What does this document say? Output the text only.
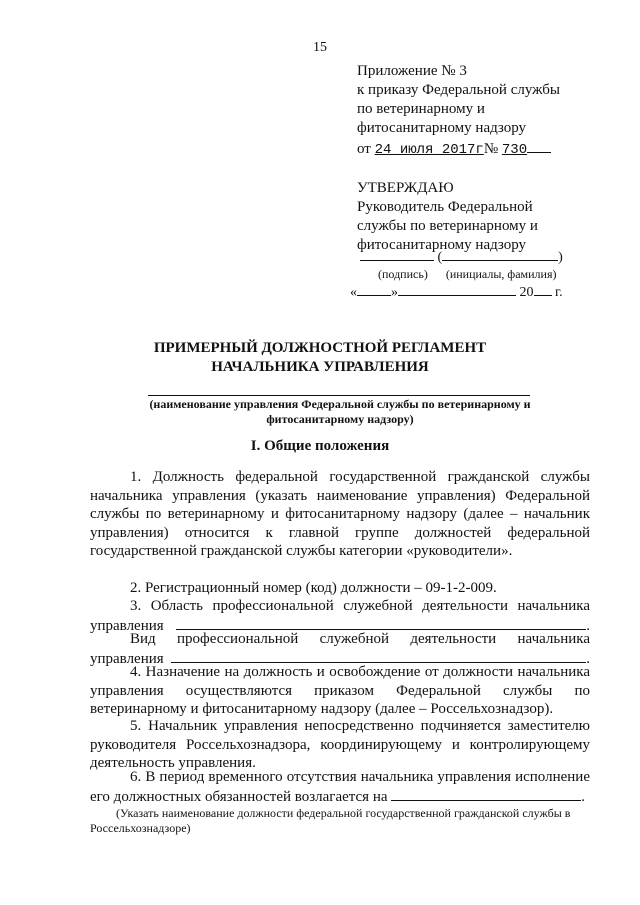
15
Приложение № 3
к приказу Федеральной службы
по ветеринарному и
фитосанитарному надзору
от 24 июля 2017г№ 730
УТВЕРЖДАЮ
Руководитель Федеральной
службы по ветеринарному и
фитосанитарному надзору
(	)
(подпись) (инициалы, фамилия)
« »	20 г.
ПРИМЕРНЫЙ ДОЛЖНОСТНОЙ РЕГЛАМЕНТ
НАЧАЛЬНИКА УПРАВЛЕНИЯ
(наименование управления Федеральной службы по ветеринарному и
фитосанитарному надзору)
I. Общие положения
1. Должность федеральной государственной гражданской службы начальника управления (указать наименование управления) Федеральной службы по ветеринарному и фитосанитарному надзору (далее – начальник управления) относится к главной группе должностей федеральной государственной гражданской службы категории «руководители».
2. Регистрационный номер (код) должности – 09-1-2-009.
3. Область профессиональной служебной деятельности начальника управления	.
Вид профессиональной служебной деятельности начальника управления	.
4. Назначение на должность и освобождение от должности начальника управления осуществляются приказом Федеральной службы по ветеринарному и фитосанитарному надзору (далее – Россельхознадзор).
5. Начальник управления непосредственно подчиняется заместителю руководителя Россельхознадзора, координирующему и контролирующему деятельность управления.
6. В период временного отсутствия начальника управления исполнение его должностных обязанностей возлагается на	.
(Указать наименование должности федеральной государственной гражданской службы в Россельхознадзоре)
